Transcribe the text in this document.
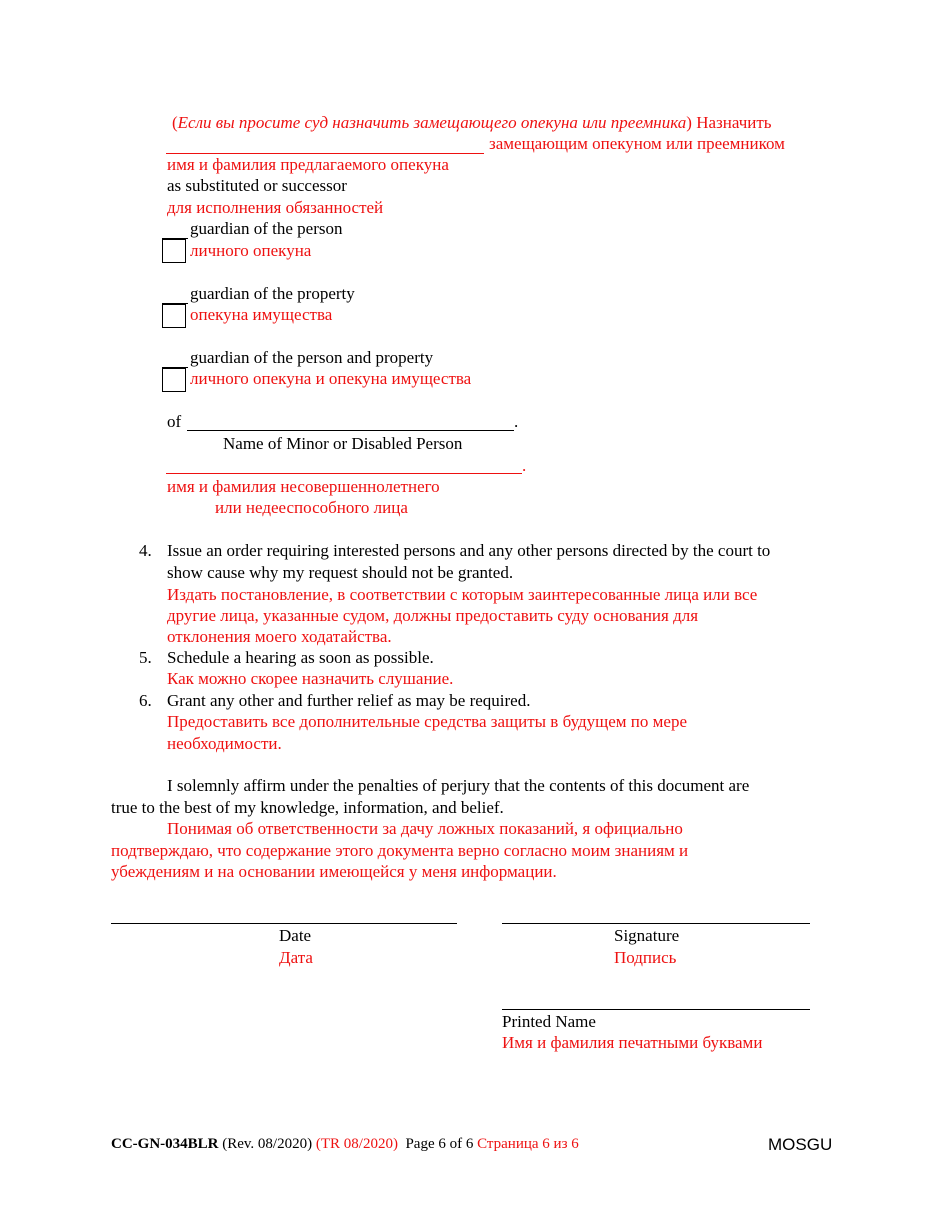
(Если вы просите суд назначить замещающего опекуна или преемника) Назначить
замещающим опекуном или преемником
имя и фамилия предлагаемого опекуна
as substituted or successor
для исполнения обязанностей
guardian of the person
личного опекуна
guardian of the property
опекуна имущества
guardian of the person and property
личного опекуна и опекуна имущества
of	.
Name of Minor or Disabled Person
.
имя и фамилия несовершеннолетнего
или недееспособного лица
4. Issue an order requiring interested persons and any other persons directed by the court to
show cause why my request should not be granted.
Издать постановление, в соответствии с которым заинтересованные лица или все
другие лица, указанные судом, должны предоставить суду основания для
отклонения моего ходатайства.
5. Schedule a hearing as soon as possible.
Как можно скорее назначить слушание.
6. Grant any other and further relief as may be required.
Предоставить все дополнительные средства защиты в будущем по мере
необходимости.
I solemnly affirm under the penalties of perjury that the contents of this document are
true to the best of my knowledge, information, and belief.
Понимая об ответственности за дачу ложных показаний, я официально
подтверждаю, что содержание этого документа верно согласно моим знаниям и
убеждениям и на основании имеющейся у меня информации.
Date
Дата
Signature
Подпись
Printed Name
Имя и фамилия печатными буквами
CC-GN-034BLR (Rev. 08/2020) (TR 08/2020) Page 6 of 6 Страница 6 из 6	MOSGU
